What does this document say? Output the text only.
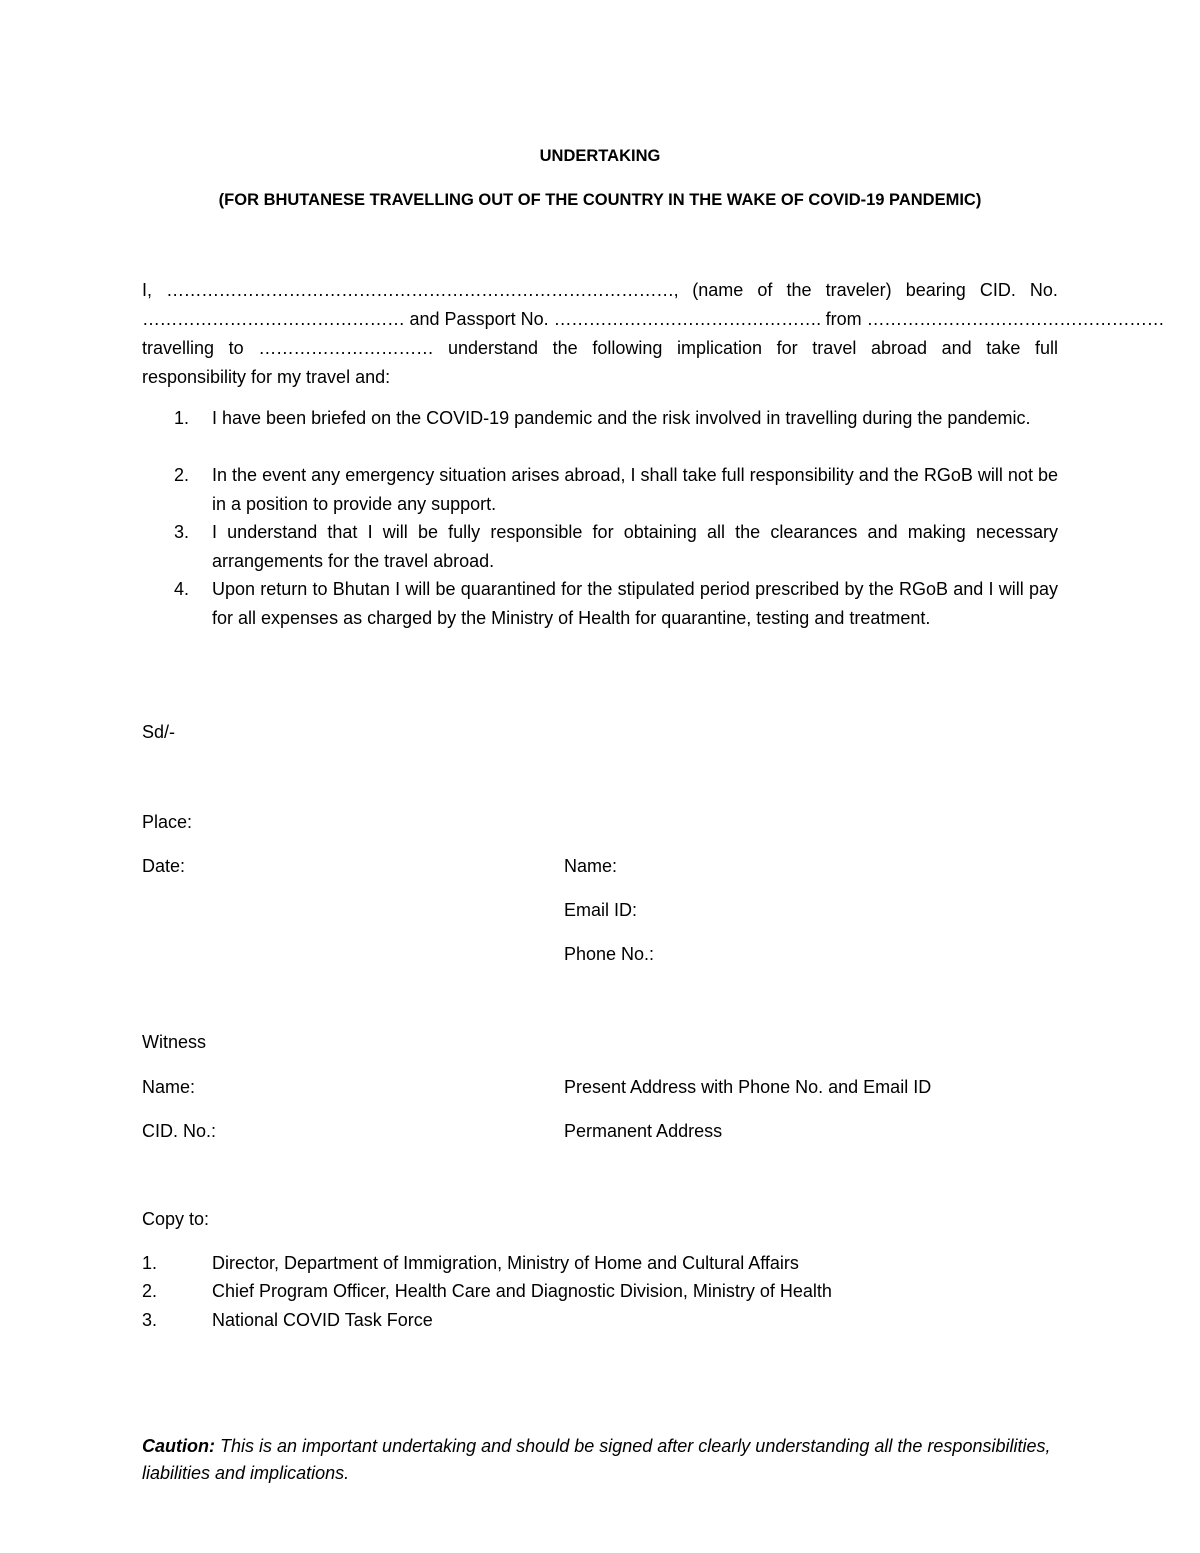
UNDERTAKING
(FOR BHUTANESE TRAVELLING OUT OF THE COUNTRY IN THE WAKE OF COVID-19 PANDEMIC)
I, ……………………………………………………………………………, (name of the traveler) bearing CID. No.
……………………………………… and Passport No. ………………………………………. from ……………………………………………
travelling to ………………………… understand the following implication for travel abroad and take full
responsibility for my travel and:
1. I have been briefed on the COVID-19 pandemic and the risk involved in travelling during the pandemic.
2. In the event any emergency situation arises abroad, I shall take full responsibility and the RGoB will not be in a position to provide any support.
3. I understand that I will be fully responsible for obtaining all the clearances and making necessary arrangements for the travel abroad.
4. Upon return to Bhutan I will be quarantined for the stipulated period prescribed by the RGoB and I will pay for all expenses as charged by the Ministry of Health for quarantine, testing and treatment.
Sd/-
Place:
Date:	Name:
Email ID:
Phone No.:
Witness
Name:	Present Address with Phone No. and Email ID
CID. No.:	Permanent Address
Copy to:
1.	Director, Department of Immigration, Ministry of Home and Cultural Affairs
2.	Chief Program Officer, Health Care and Diagnostic Division, Ministry of Health
3.	National COVID Task Force
Caution: This is an important undertaking and should be signed after clearly understanding all the responsibilities, liabilities and implications.
